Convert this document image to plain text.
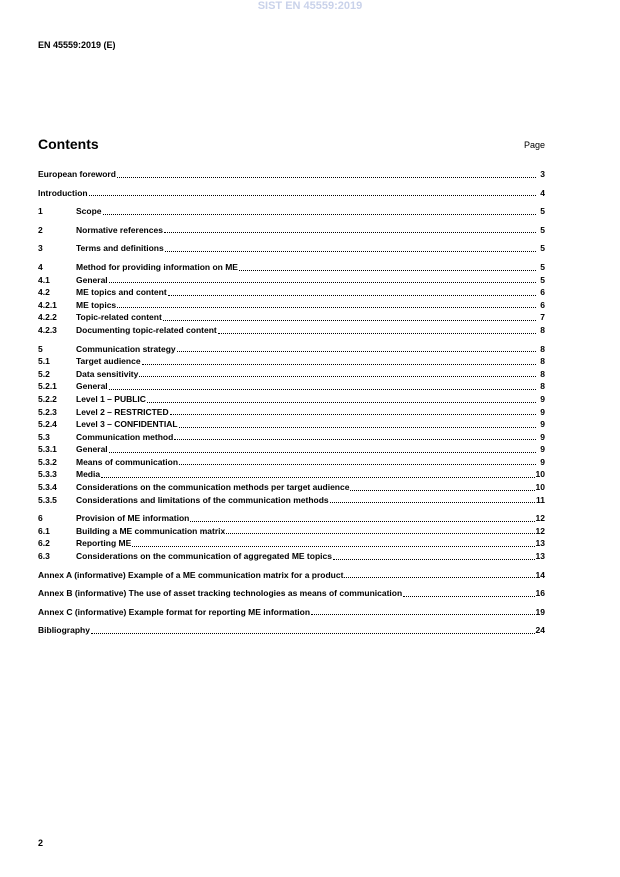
SIST EN 45559:2019
EN 45559:2019 (E)
Contents	Page
European foreword	3
Introduction	4
1	Scope	5
2	Normative references	5
3	Terms and definitions	5
4	Method for providing information on ME	5
4.1	General	5
4.2	ME topics and content	6
4.2.1	ME topics	6
4.2.2	Topic-related content	7
4.2.3	Documenting topic-related content	8
5	Communication strategy	8
5.1	Target audience	8
5.2	Data sensitivity	8
5.2.1	General	8
5.2.2	Level 1 – PUBLIC	9
5.2.3	Level 2 – RESTRICTED	9
5.2.4	Level 3 – CONFIDENTIAL	9
5.3	Communication method	9
5.3.1	General	9
5.3.2	Means of communication	9
5.3.3	Media	10
5.3.4	Considerations on the communication methods per target audience	10
5.3.5	Considerations and limitations of the communication methods	11
6	Provision of ME information	12
6.1	Building a ME communication matrix	12
6.2	Reporting ME	13
6.3	Considerations on the communication of aggregated ME topics	13
Annex A (informative) Example of a ME communication matrix for a product	14
Annex B (informative) The use of asset tracking technologies as means of communication	16
Annex C (informative) Example format for reporting ME information	19
Bibliography	24
2
